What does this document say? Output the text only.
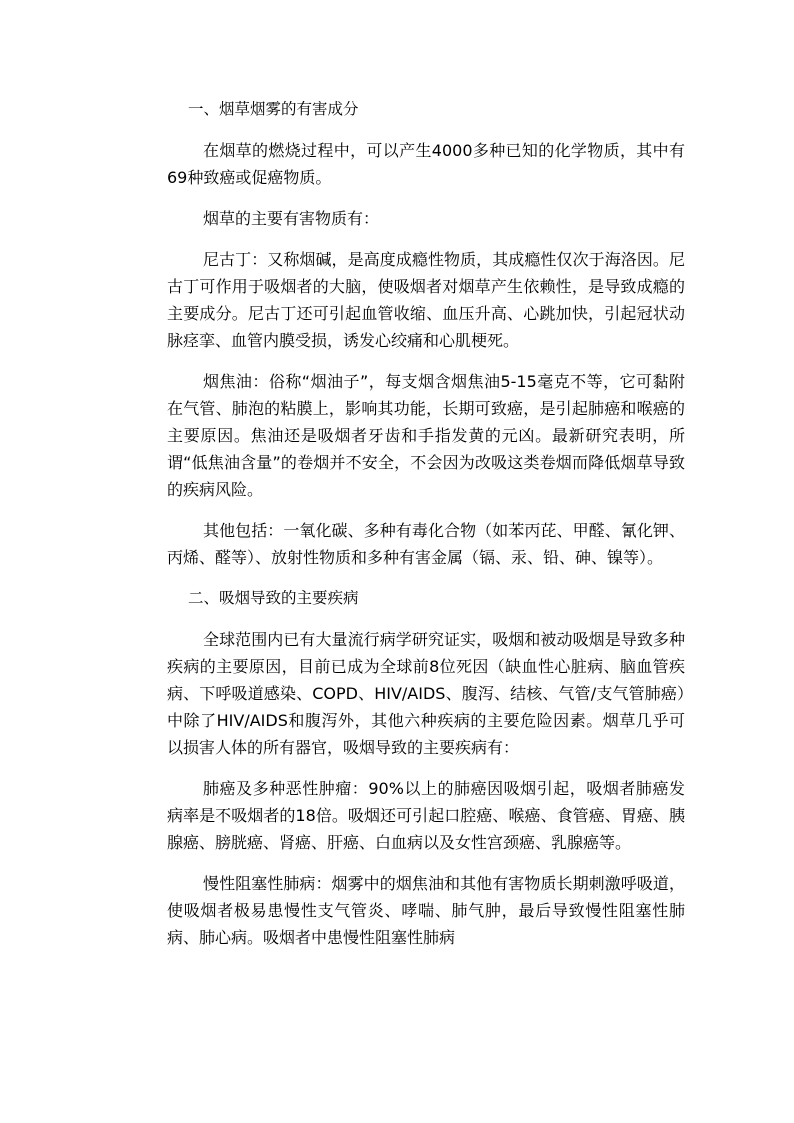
一、烟草烟雾的有害成分

在烟草的燃烧过程中，可以产生4000多种已知的化学物质，其中有69种致癌或促癌物质。

烟草的主要有害物质有：

尼古丁：又称烟碱，是高度成瘾性物质，其成瘾性仅次于海洛因。尼古丁可作用于吸烟者的大脑，使吸烟者对烟草产生依赖性，是导致成瘾的主要成分。尼古丁还可引起血管收缩、血压升高、心跳加快，引起冠状动脉痉挛、血管内膜受损，诱发心绞痛和心肌梗死。

烟焦油：俗称“烟油子”，每支烟含烟焦油5-15毫克不等，它可黏附在气管、肺泡的粘膜上，影响其功能，长期可致癌，是引起肺癌和喉癌的主要原因。焦油还是吸烟者牙齿和手指发黄的元凶。最新研究表明，所谓“低焦油含量”的卷烟并不安全，不会因为改吸这类卷烟而降低烟草导致的疾病风险。

其他包括：一氧化碳、多种有毒化合物（如苯丙芘、甲醛、氰化钾、丙烯、醛等）、放射性物质和多种有害金属（镉、汞、铅、砷、镍等）。

二、吸烟导致的主要疾病

全球范围内已有大量流行病学研究证实，吸烟和被动吸烟是导致多种疾病的主要原因，目前已成为全球前8位死因（缺血性心脏病、脑血管疾病、下呼吸道感染、COPD、HIV/AIDS、腹泻、结核、气管/支气管肺癌）中除了HIV/AIDS和腹泻外，其他六种疾病的主要危险因素。烟草几乎可以损害人体的所有器官，吸烟导致的主要疾病有：

肺癌及多种恶性肿瘤：90%以上的肺癌因吸烟引起，吸烟者肺癌发病率是不吸烟者的18倍。吸烟还可引起口腔癌、喉癌、食管癌、胃癌、胰腺癌、膀胱癌、肾癌、肝癌、白血病以及女性宫颈癌、乳腺癌等。

慢性阻塞性肺病：烟雾中的烟焦油和其他有害物质长期刺激呼吸道，使吸烟者极易患慢性支气管炎、哮喘、肺气肿，最后导致慢性阻塞性肺病、肺心病。吸烟者中患慢性阻塞性肺病
